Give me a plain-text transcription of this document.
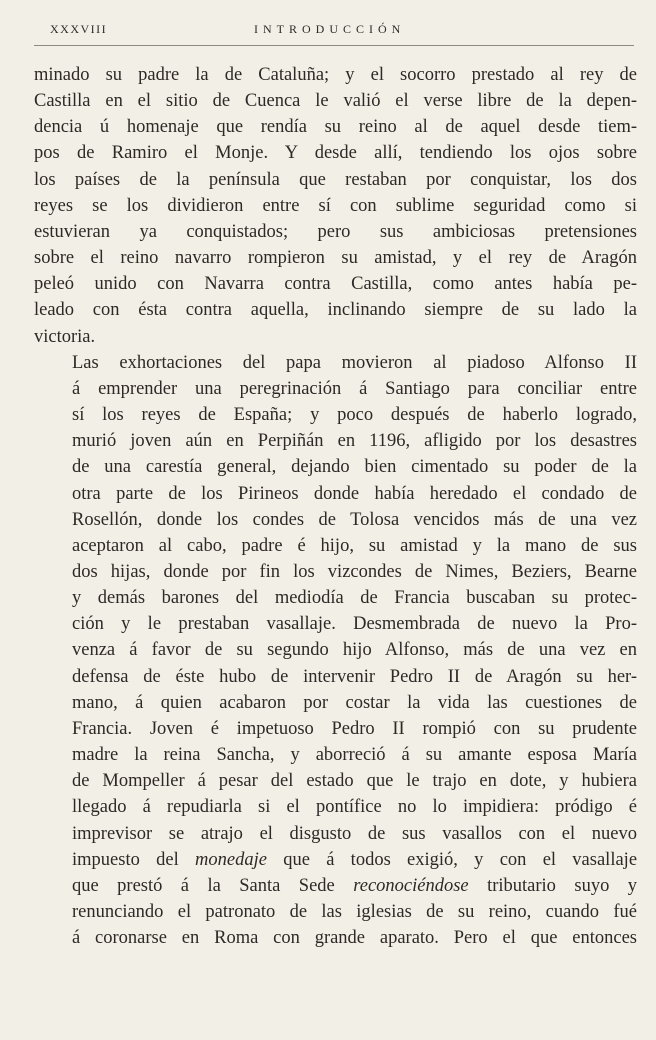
XXXVIII	INTRODUCCIÓN

minado su padre la de Cataluña; y el socorro prestado al rey de
Castilla en el sitio de Cuenca le valió el verse libre de la depen-
dencia ú homenaje que rendía su reino al de aquel desde tiem-
pos de Ramiro el Monje. Y desde allí, tendiendo los ojos sobre
los países de la península que restaban por conquistar, los dos
reyes se los dividieron entre sí con sublime seguridad como si
estuvieran ya conquistados; pero sus ambiciosas pretensiones
sobre el reino navarro rompieron su amistad, y el rey de Aragón
peleó unido con Navarra contra Castilla, como antes había pe-
leado con ésta contra aquella, inclinando siempre de su lado la
victoria.

Las exhortaciones del papa movieron al piadoso Alfonso II
á emprender una peregrinación á Santiago para conciliar entre
sí los reyes de España; y poco después de haberlo logrado,
murió joven aún en Perpiñán en 1196, afligido por los desastres
de una carestía general, dejando bien cimentado su poder de la
otra parte de los Pirineos donde había heredado el condado de
Rosellón, donde los condes de Tolosa vencidos más de una vez
aceptaron al cabo, padre é hijo, su amistad y la mano de sus
dos hijas, donde por fin los vizcondes de Nimes, Beziers, Bearne
y demás barones del mediodía de Francia buscaban su protec-
ción y le prestaban vasallaje. Desmembrada de nuevo la Pro-
venza á favor de su segundo hijo Alfonso, más de una vez en
defensa de éste hubo de intervenir Pedro II de Aragón su her-
mano, á quien acabaron por costar la vida las cuestiones de
Francia. Joven é impetuoso Pedro II rompió con su prudente
madre la reina Sancha, y aborreció á su amante esposa María
de Mompeller á pesar del estado que le trajo en dote, y hubiera
llegado á repudiarla si el pontífice no lo impidiera: pródigo é
imprevisor se atrajo el disgusto de sus vasallos con el nuevo
impuesto del monedaje que á todos exigió, y con el vasallaje
que prestó á la Santa Sede reconociéndose tributario suyo y
renunciando el patronato de las iglesias de su reino, cuando fué
á coronarse en Roma con grande aparato. Pero el que entonces
